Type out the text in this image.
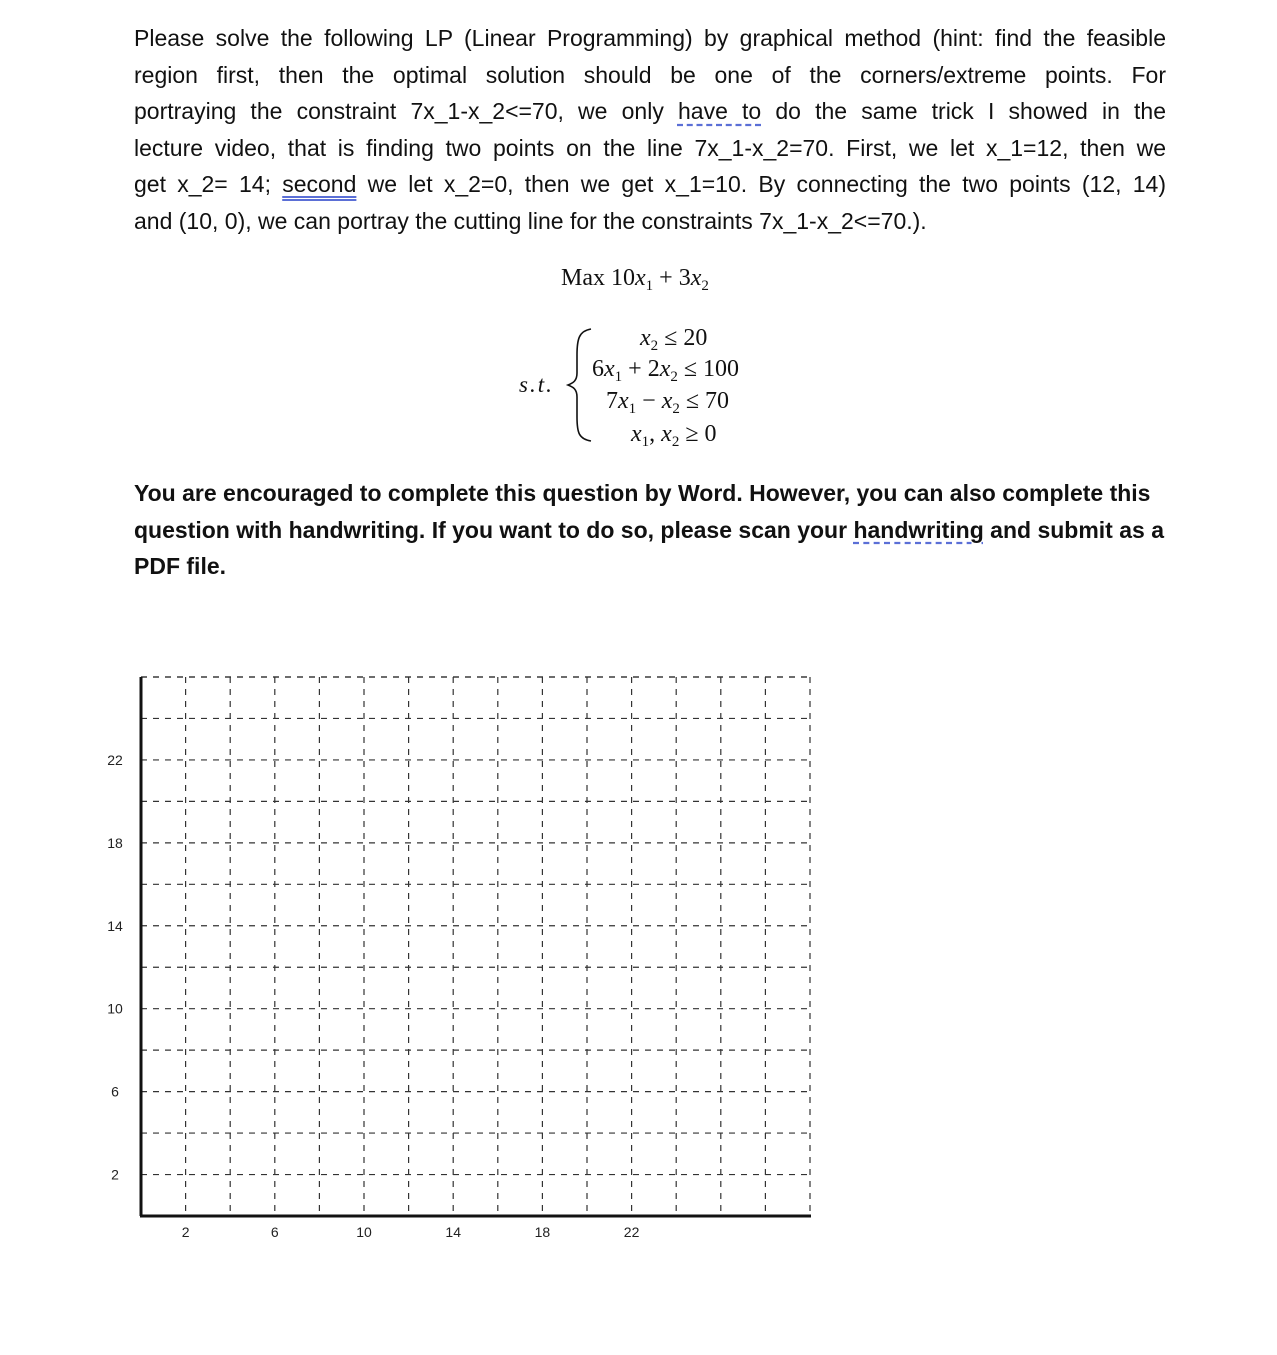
Please solve the following LP (Linear Programming) by graphical method (hint: find the feasible
region first, then the optimal solution should be one of the corners/extreme points. For
portraying the constraint 7x_1-x_2<=70, we only have to do the same trick I showed in the
lecture video, that is finding two points on the line 7x_1-x_2=70. First, we let x_1=12, then we
get x_2= 14; second we let x_2=0, then we get x_1=10. By connecting the two points (12, 14)
and (10, 0), we can portray the cutting line for the constraints 7x_1-x_2<=70.).
Max $10x_1 + 3x_2$
s.t.
$x_2 \le 20$
$6x_1 + 2x_2 \le 100$
$7x_1 - x_2 \le 70$
$x_1$, $x_2 \ge 0$
You are encouraged to complete this question by Word. However, you can also complete this
question with handwriting. If you want to do so, please scan your handwriting and submit as a
PDF file.
2	6	10	14	18	22
22
18
14
10
6
2
